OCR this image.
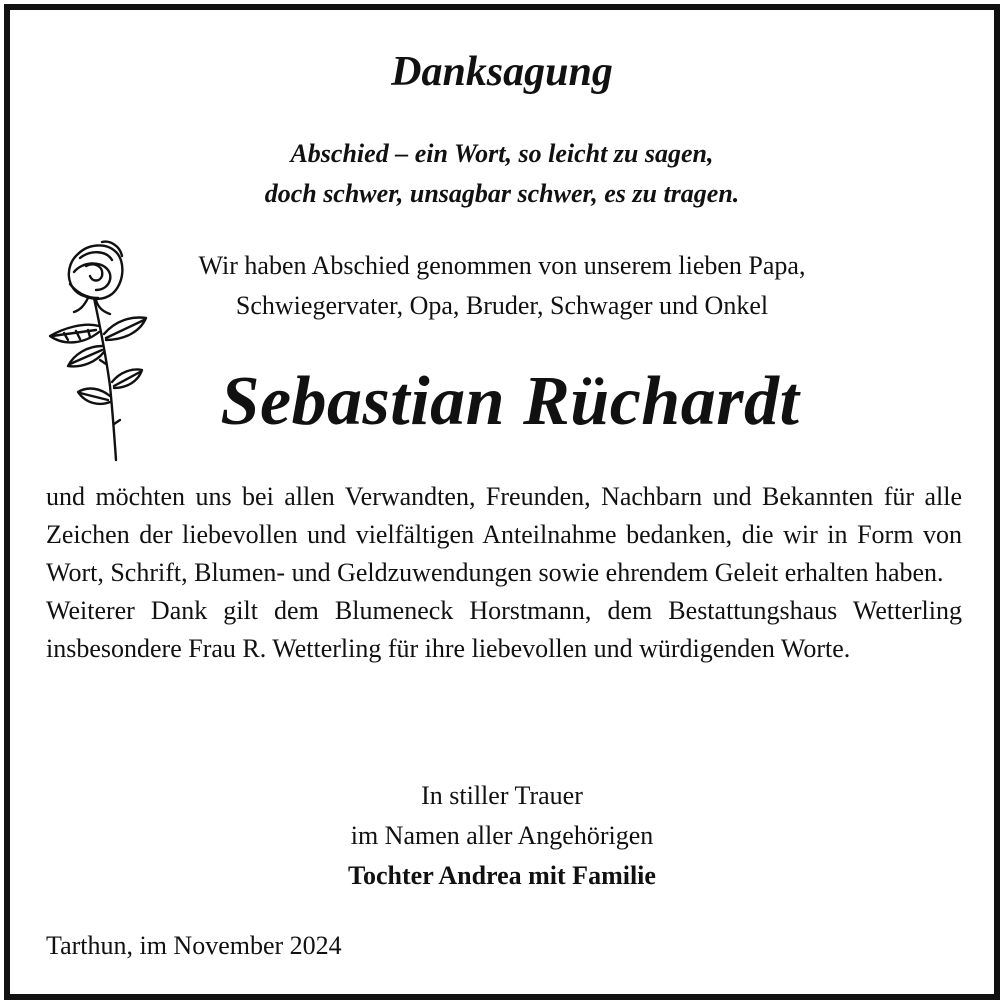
Danksagung
Abschied – ein Wort, so leicht zu sagen,
doch schwer, unsagbar schwer, es zu tragen.
Wir haben Abschied genommen von unserem lieben Papa,
Schwiegervater, Opa, Bruder, Schwager und Onkel
Sebastian Rüchardt

und möchten uns bei allen Verwandten, Freunden, Nachbarn und Bekannten für alle Zeichen der liebevollen und vielfältigen Anteilnahme bedanken, die wir in Form von Wort, Schrift, Blumen- und Geldzuwendungen sowie ehrendem Geleit erhalten haben.

Weiterer Dank gilt dem Blumeneck Horstmann, dem Bestattungshaus Wetterling insbesondere Frau R. Wetterling für ihre liebevollen und würdigenden Worte.

In stiller Trauer
im Namen aller Angehörigen
Tochter Andrea mit Familie
Tarthun, im November 2024
